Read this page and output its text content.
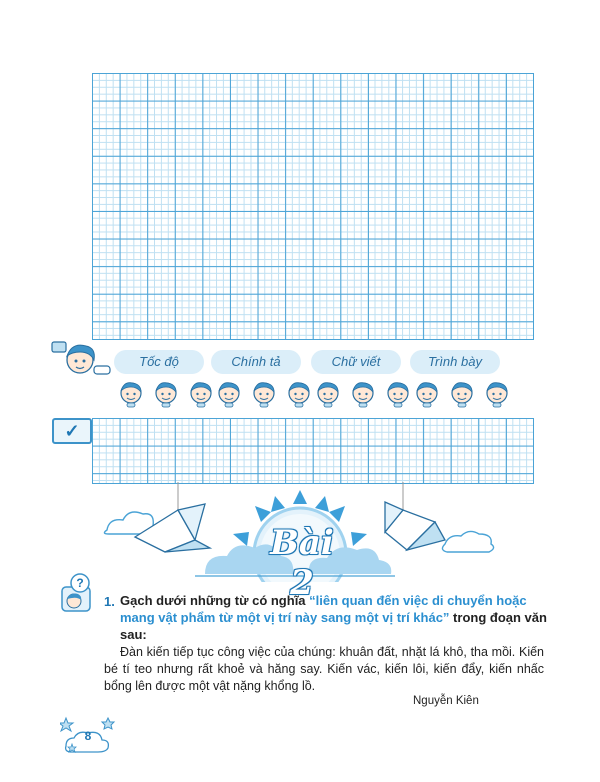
Tốc độ	Chính tả	Chữ viết	Trình bày
✓
Bài 2
?
1. Gạch dưới những từ có nghĩa “liên quan đến việc di chuyển hoặc mang vật phẩm từ một vị trí này sang một vị trí khác” trong đoạn văn sau:
Đàn kiến tiếp tục công việc của chúng: khuân đất, nhặt lá khô, tha mồi. Kiến bé tí teo nhưng rất khoẻ và hăng say. Kiến vác, kiến lôi, kiến đẩy, kiến nhấc bổng lên được một vật nặng khổng lồ.
Nguyễn Kiên
8
